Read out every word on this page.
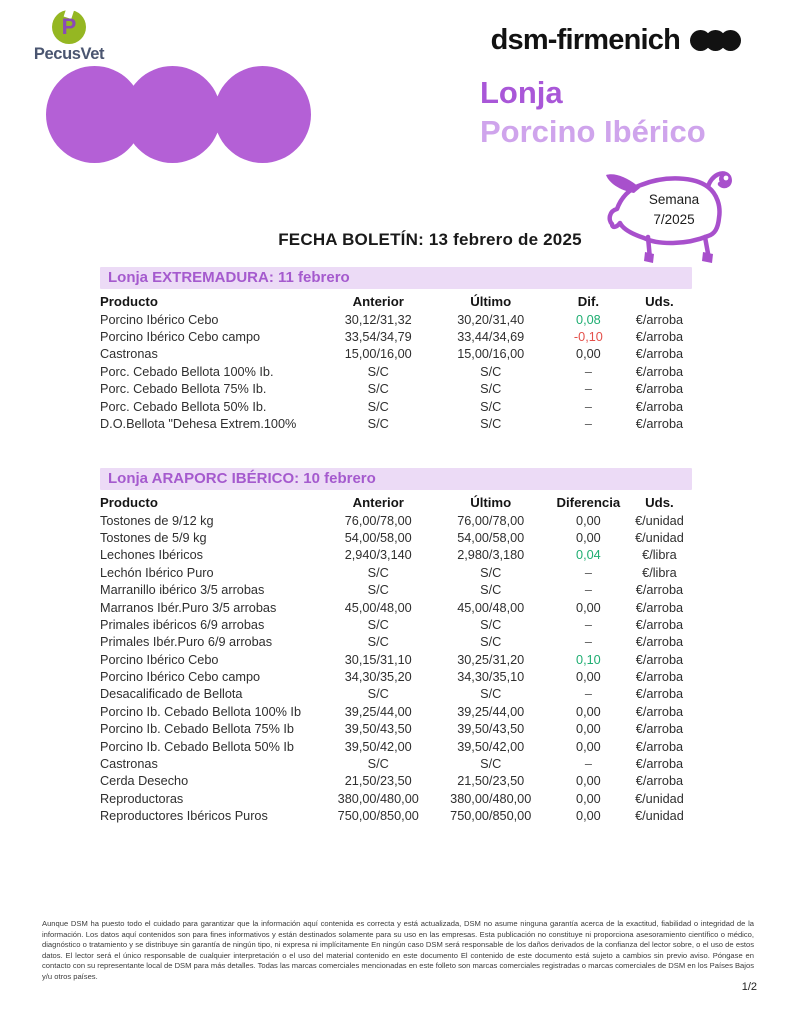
P
PecusVet	dsm-firmenich
Lonja
Porcino Ibérico
Semana
7/2025
FECHA BOLETÍN: 13 febrero de 2025
Lonja EXTREMADURA: 11 febrero
Producto	Anterior	Último	Dif.	Uds.
Porcino Ibérico Cebo	30,12/31,32	30,20/31,40	0,08	€/arroba
Porcino Ibérico Cebo campo	33,54/34,79	33,44/34,69	-0,10	€/arroba
Castronas	15,00/16,00	15,00/16,00	0,00	€/arroba
Porc. Cebado Bellota 100% Ib.	S/C	S/C	–	€/arroba
Porc. Cebado Bellota 75% Ib.	S/C	S/C	–	€/arroba
Porc. Cebado Bellota 50% Ib.	S/C	S/C	–	€/arroba
D.O.Bellota "Dehesa Extrem.100%	S/C	S/C	–	€/arroba
Lonja ARAPORC IBÉRICO: 10 febrero
Producto	Anterior	Último	Diferencia	Uds.
Tostones de 9/12 kg	76,00/78,00	76,00/78,00	0,00	€/unidad
Tostones de 5/9 kg	54,00/58,00	54,00/58,00	0,00	€/unidad
Lechones Ibéricos	2,940/3,140	2,980/3,180	0,04	€/libra
Lechón Ibérico Puro	S/C	S/C	–	€/libra
Marranillo ibérico 3/5 arrobas	S/C	S/C	–	€/arroba
Marranos Ibér.Puro 3/5 arrobas	45,00/48,00	45,00/48,00	0,00	€/arroba
Primales ibéricos 6/9 arrobas	S/C	S/C	–	€/arroba
Primales Ibér.Puro 6/9 arrobas	S/C	S/C	–	€/arroba
Porcino Ibérico Cebo	30,15/31,10	30,25/31,20	0,10	€/arroba
Porcino Ibérico Cebo campo	34,30/35,20	34,30/35,10	0,00	€/arroba
Desacalificado de Bellota	S/C	S/C	–	€/arroba
Porcino Ib. Cebado Bellota 100% Ib	39,25/44,00	39,25/44,00	0,00	€/arroba
Porcino Ib. Cebado Bellota 75% Ib	39,50/43,50	39,50/43,50	0,00	€/arroba
Porcino Ib. Cebado Bellota 50% Ib	39,50/42,00	39,50/42,00	0,00	€/arroba
Castronas	S/C	S/C	–	€/arroba
Cerda Desecho	21,50/23,50	21,50/23,50	0,00	€/arroba
Reproductoras	380,00/480,00	380,00/480,00	0,00	€/unidad
Reproductores Ibéricos Puros	750,00/850,00	750,00/850,00	0,00	€/unidad
Aunque DSM ha puesto todo el cuidado para garantizar que la información aquí contenida es correcta y está actualizada, DSM no asume ninguna garantía acerca de la exactitud, fiabilidad o integridad de la información. Los datos aquí contenidos son para fines informativos y están destinados solamente para su uso en las empresas. Esta publicación no constituye ni proporciona asesoramiento científico o médico, diagnóstico o tratamiento y se distribuye sin garantía de ningún tipo, ni expresa ni implícitamente En ningún caso DSM será responsable de los daños derivados de la confianza del lector sobre, o el uso de estos datos. El lector será el único responsable de cualquier interpretación o el uso del material contenido en este documento El contenido de este documento está sujeto a cambios sin previo aviso. Póngase en contacto con su representante local de DSM para más detalles. Todas las marcas comerciales mencionadas en este folleto son marcas comerciales registradas o marcas comerciales de DSM en los Países Bajos y/u otros países.
1/2
